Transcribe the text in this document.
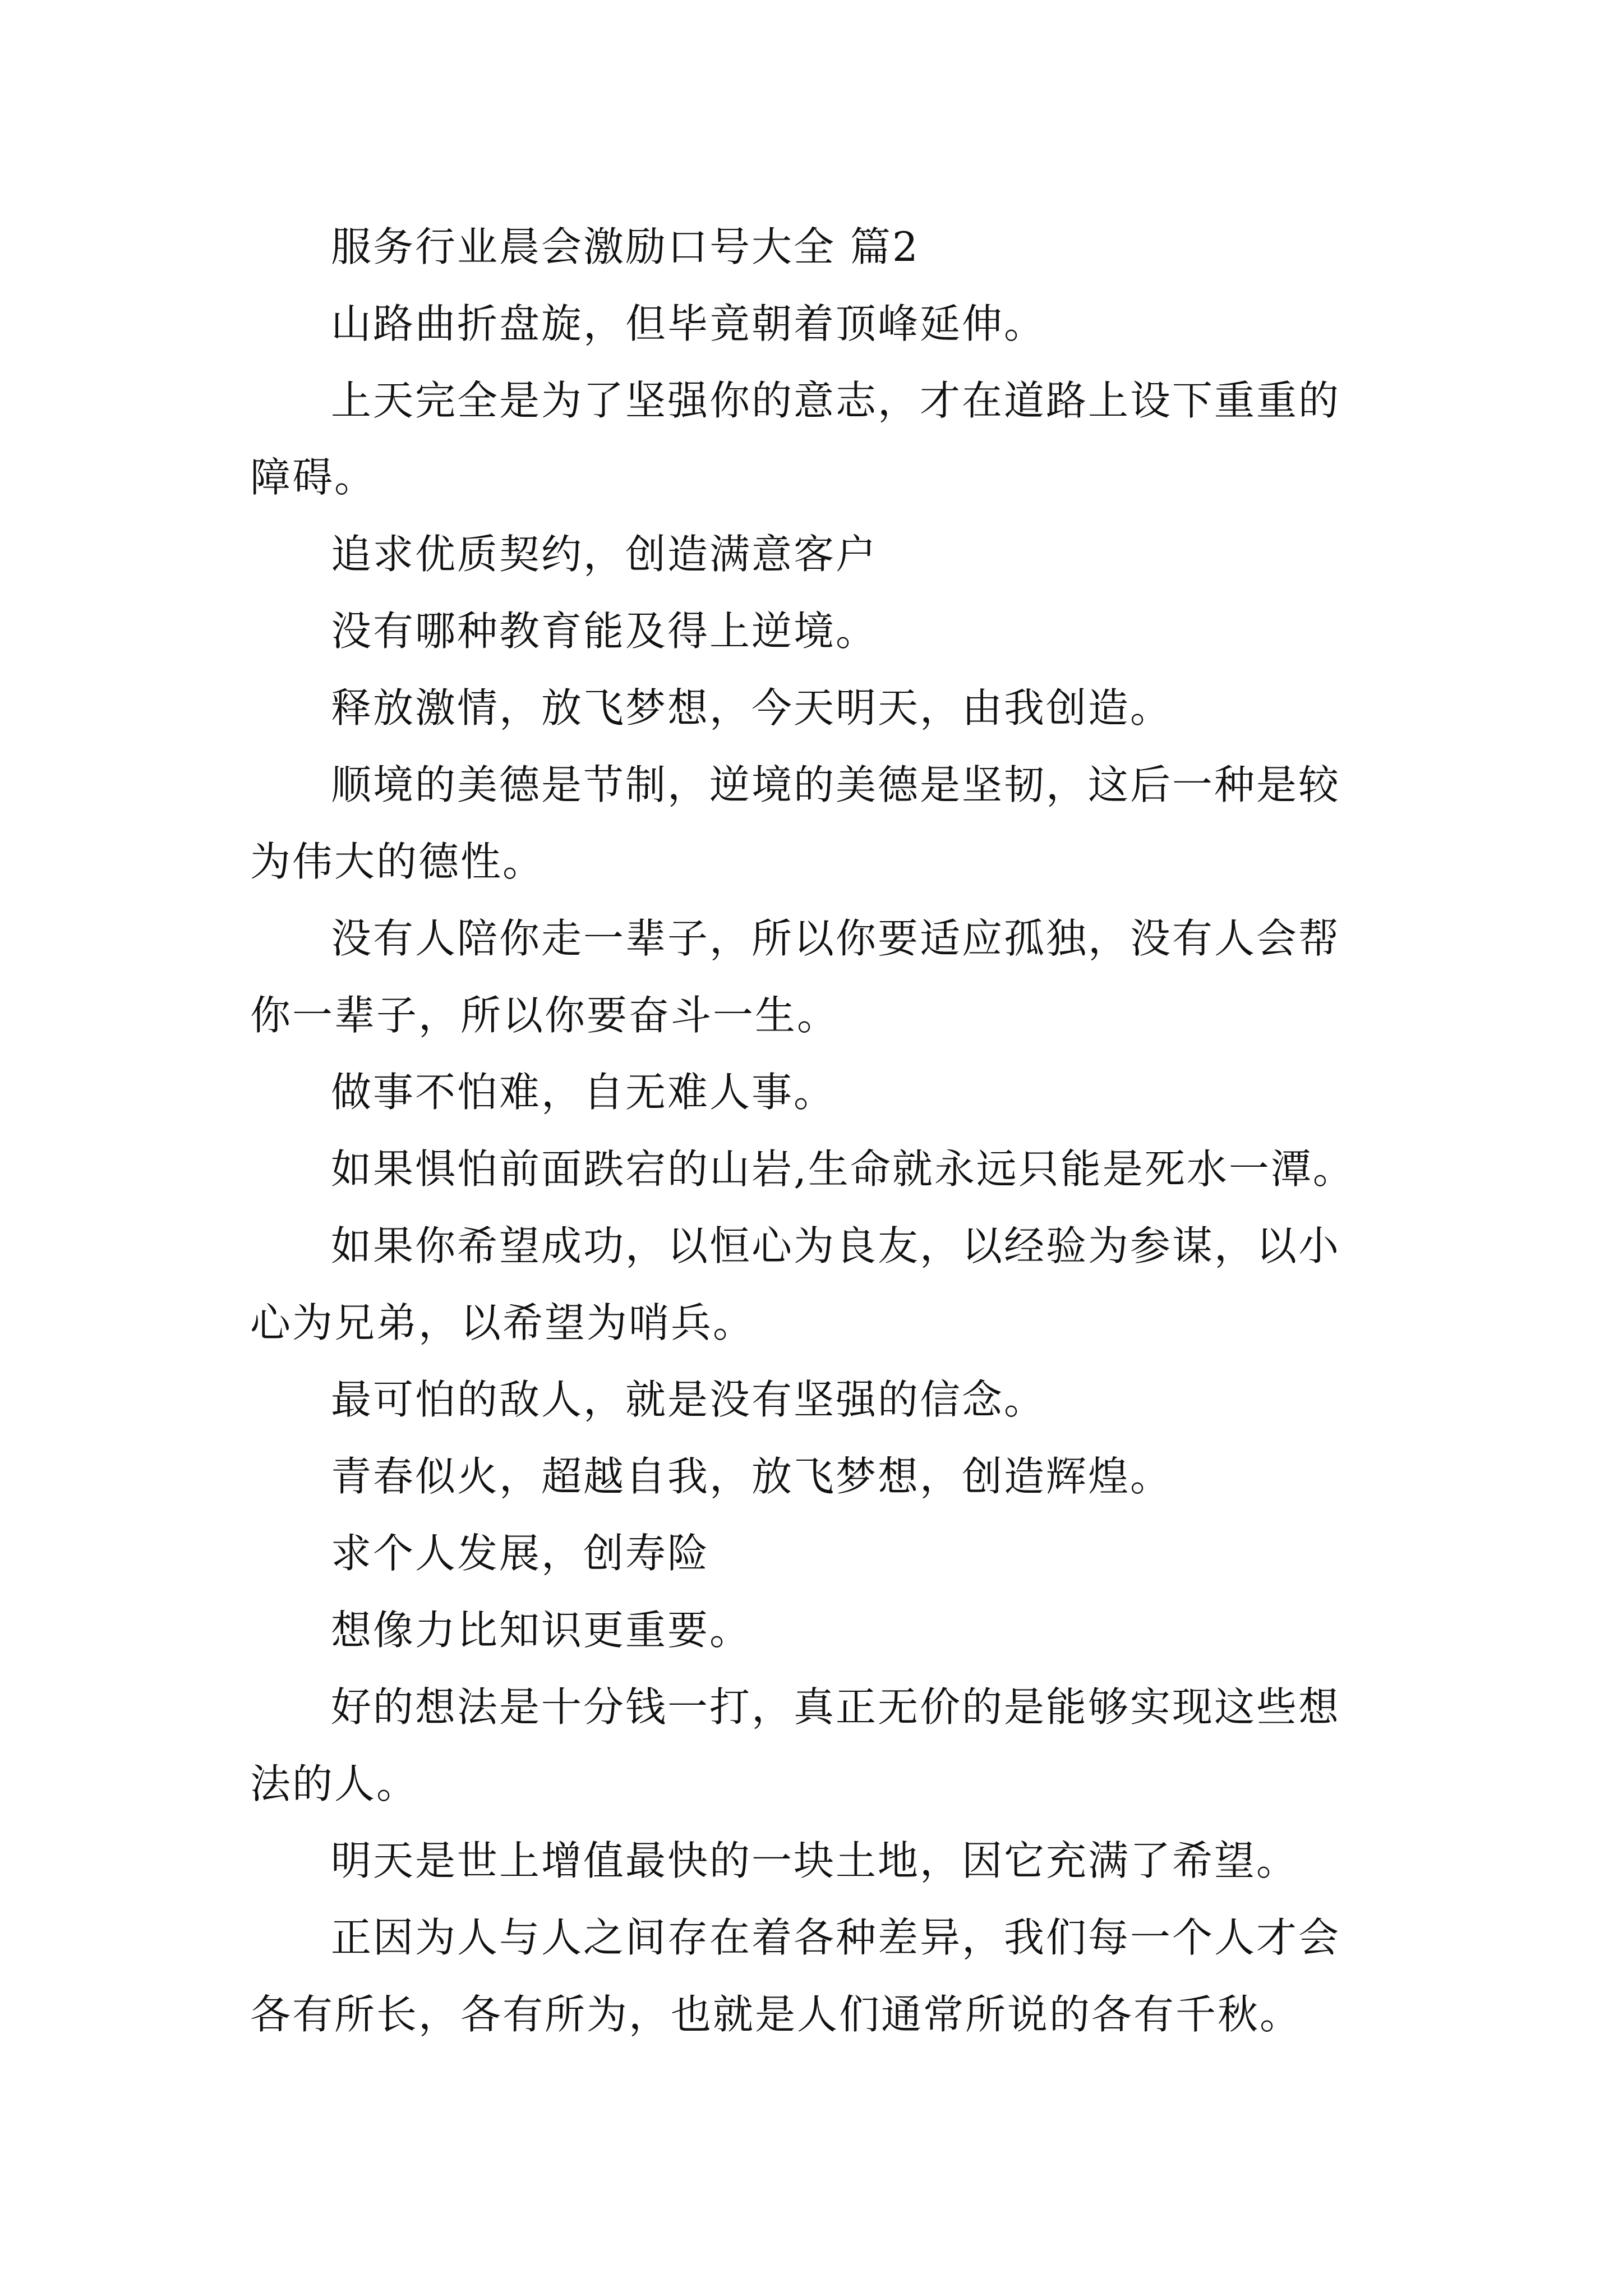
服务行业晨会激励口号大全 篇2

山路曲折盘旋，但毕竟朝着顶峰延伸。

上天完全是为了坚强你的意志，才在道路上设下重重的障碍。

追求优质契约，创造满意客户

没有哪种教育能及得上逆境。

释放激情，放飞梦想，今天明天，由我创造。

顺境的美德是节制，逆境的美德是坚韧，这后一种是较为伟大的德性。

没有人陪你走一辈子，所以你要适应孤独，没有人会帮你一辈子，所以你要奋斗一生。

做事不怕难，自无难人事。

如果惧怕前面跌宕的山岩,生命就永远只能是死水一潭。

如果你希望成功，以恒心为良友，以经验为参谋，以小心为兄弟，以希望为哨兵。

最可怕的敌人，就是没有坚强的信念。

青春似火，超越自我，放飞梦想，创造辉煌。

求个人发展，创寿险

想像力比知识更重要。

好的想法是十分钱一打，真正无价的是能够实现这些想法的人。

明天是世上增值最快的一块土地，因它充满了希望。

正因为人与人之间存在着各种差异，我们每一个人才会各有所长，各有所为，也就是人们通常所说的各有千秋。
